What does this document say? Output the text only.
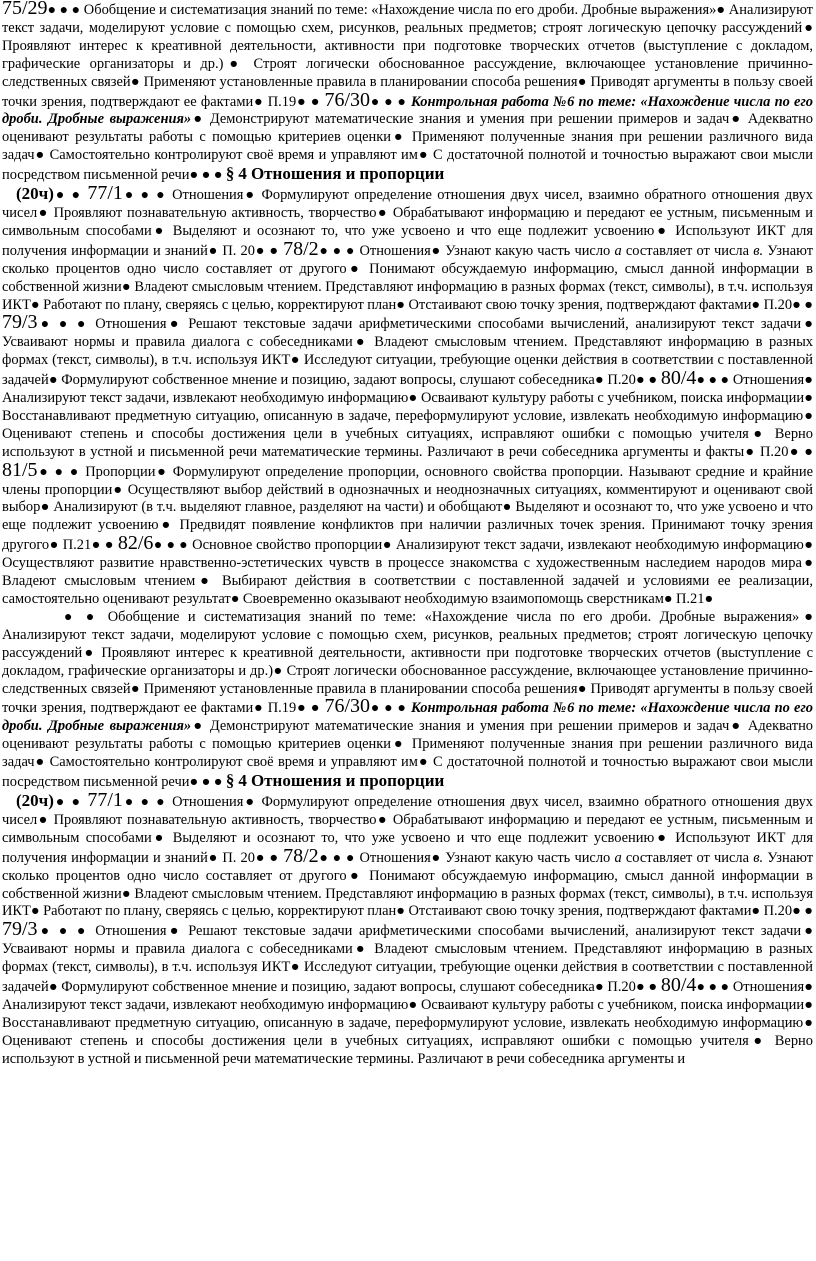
75/29● ● ● Обобщение и систематизация знаний по теме: «Нахождение числа по его дроби. Дробные выражения»● Анализируют текст задачи, моделируют условие с помощью схем, рисунков, реальных предметов; строят логическую цепочку рассуждений● Проявляют интерес к креативной деятельности, активности при подготовке творческих отчетов (выступление с докладом, графические организаторы и др.)● Строят логически обоснованное рассуждение, включающее установление причинно-следственных связей● Применяют установленные правила в планировании способа решения● Приводят аргументы в пользу своей точки зрения, подтверждают ее фактами● П.19● ● 76/30● ● ● Контрольная работа №6 по теме: «Нахождение числа по его дроби. Дробные выражения»● Демонстрируют математические знания и умения при решении примеров и задач● Адекватно оценивают результаты работы с помощью критериев оценки● Применяют полученные знания при решении различного вида задач● Самостоятельно контролируют своё время и управляют им● С достаточной полнотой и точностью выражают свои мысли посредством письменной речи● ● ● § 4 Отношения и пропорции

(20ч)● ● 77/1● ● ● Отношения● Формулируют определение отношения двух чисел, взаимно обратного отношения двух чисел● Проявляют познавательную активность, творчество● Обрабатывают информацию и передают ее устным, письменным и символьным способами● Выделяют и осознают то, что уже усвоено и что еще подлежит усвоению● Используют ИКТ для получения информации и знаний● П. 20● ● 78/2● ● ● Отношения● Узнают какую часть число а составляет от числа в. Узнают сколько процентов одно число составляет от другого● Понимают обсуждаемую информацию, смысл данной информации в собственной жизни● Владеют смысловым чтением. Представляют информацию в разных формах (текст, символы), в т.ч. используя ИКТ● Работают по плану, сверяясь с целью, корректируют план● Отстаивают свою точку зрения, подтверждают фактами● П.20● ● 79/3● ● ● Отношения● Решают текстовые задачи арифметическими способами вычислений, анализируют текст задачи● Усваивают нормы и правила диалога с собеседниками● Владеют смысловым чтением. Представляют информацию в разных формах (текст, символы), в т.ч. используя ИКТ● Исследуют ситуации, требующие оценки действия в соответствии с поставленной задачей● Формулируют собственное мнение и позицию, задают вопросы, слушают собеседника● П.20● ● 80/4● ● ● Отношения● Анализируют текст задачи, извлекают необходимую информацию● Осваивают культуру работы с учебником, поиска информации● Восстанавливают предметную ситуацию, описанную в задаче, переформулируют условие, извлекать необходимую информацию● Оценивают степень и способы достижения цели в учебных ситуациях, исправляют ошибки с помощью учителя● Верно используют в устной и письменной речи математические термины. Различают в речи собеседника аргументы и факты● П.20● ● 81/5● ● ● Пропорции● Формулируют определение пропорции, основного свойства пропорции. Называют средние и крайние члены пропорции● Осуществляют выбор действий в однозначных и неоднозначных ситуациях, комментируют и оценивают свой выбор● Анализируют (в т.ч. выделяют главное, разделяют на части) и обобщают● Выделяют и осознают то, что уже усвоено и что еще подлежит усвоению● Предвидят появление конфликтов при наличии различных точек зрения. Принимают точку зрения другого● П.21● ● 82/6● ● ● Основное свойство пропорции● Анализируют текст задачи, извлекают необходимую информацию● Осуществляют развитие нравственно-эстетических чувств в процессе знакомства с художественным наследием народов мира● Владеют смысловым чтением● Выбирают действия в соответствии с поставленной задачей и условиями ее реализации, самостоятельно оценивают результат● Своевременно оказывают необходимую взаимопомощь сверстникам● П.21●

● ● Обобщение и систематизация знаний по теме: «Нахождение числа по его дроби. Дробные выражения»● Анализируют текст задачи, моделируют условие с помощью схем, рисунков, реальных предметов; строят логическую цепочку рассуждений● Проявляют интерес к креативной деятельности, активности при подготовке творческих отчетов (выступление с докладом, графические организаторы и др.)● Строят логически обоснованное рассуждение, включающее установление причинно-следственных связей● Применяют установленные правила в планировании способа решения● Приводят аргументы в пользу своей точки зрения, подтверждают ее фактами● П.19● ● 76/30● ● ● Контрольная работа №6 по теме: «Нахождение числа по его дроби. Дробные выражения»● Демонстрируют математические знания и умения при решении примеров и задач● Адекватно оценивают результаты работы с помощью критериев оценки● Применяют полученные знания при решении различного вида задач● Самостоятельно контролируют своё время и управляют им● С достаточной полнотой и точностью выражают свои мысли посредством письменной речи● ● ● § 4 Отношения и пропорции

(20ч)● ● 77/1● ● ● Отношения● Формулируют определение отношения двух чисел, взаимно обратного отношения двух чисел● Проявляют познавательную активность, творчество● Обрабатывают информацию и передают ее устным, письменным и символьным способами● Выделяют и осознают то, что уже усвоено и что еще подлежит усвоению● Используют ИКТ для получения информации и знаний● П. 20● ● 78/2● ● ● Отношения● Узнают какую часть число а составляет от числа в. Узнают сколько процентов одно число составляет от другого● Понимают обсуждаемую информацию, смысл данной информации в собственной жизни● Владеют смысловым чтением. Представляют информацию в разных формах (текст, символы), в т.ч. используя ИКТ● Работают по плану, сверяясь с целью, корректируют план● Отстаивают свою точку зрения, подтверждают фактами● П.20● ● 79/3● ● ● Отношения● Решают текстовые задачи арифметическими способами вычислений, анализируют текст задачи● Усваивают нормы и правила диалога с собеседниками● Владеют смысловым чтением. Представляют информацию в разных формах (текст, символы), в т.ч. используя ИКТ● Исследуют ситуации, требующие оценки действия в соответствии с поставленной задачей● Формулируют собственное мнение и позицию, задают вопросы, слушают собеседника● П.20● ● 80/4● ● ● Отношения● Анализируют текст задачи, извлекают необходимую информацию● Осваивают культуру работы с учебником, поиска информации● Восстанавливают предметную ситуацию, описанную в задаче, переформулируют условие, извлекать необходимую информацию● Оценивают степень и способы достижения цели в учебных ситуациях, исправляют ошибки с помощью учителя● Верно используют в устной и письменной речи математические термины. Различают в речи собеседника аргументы и
